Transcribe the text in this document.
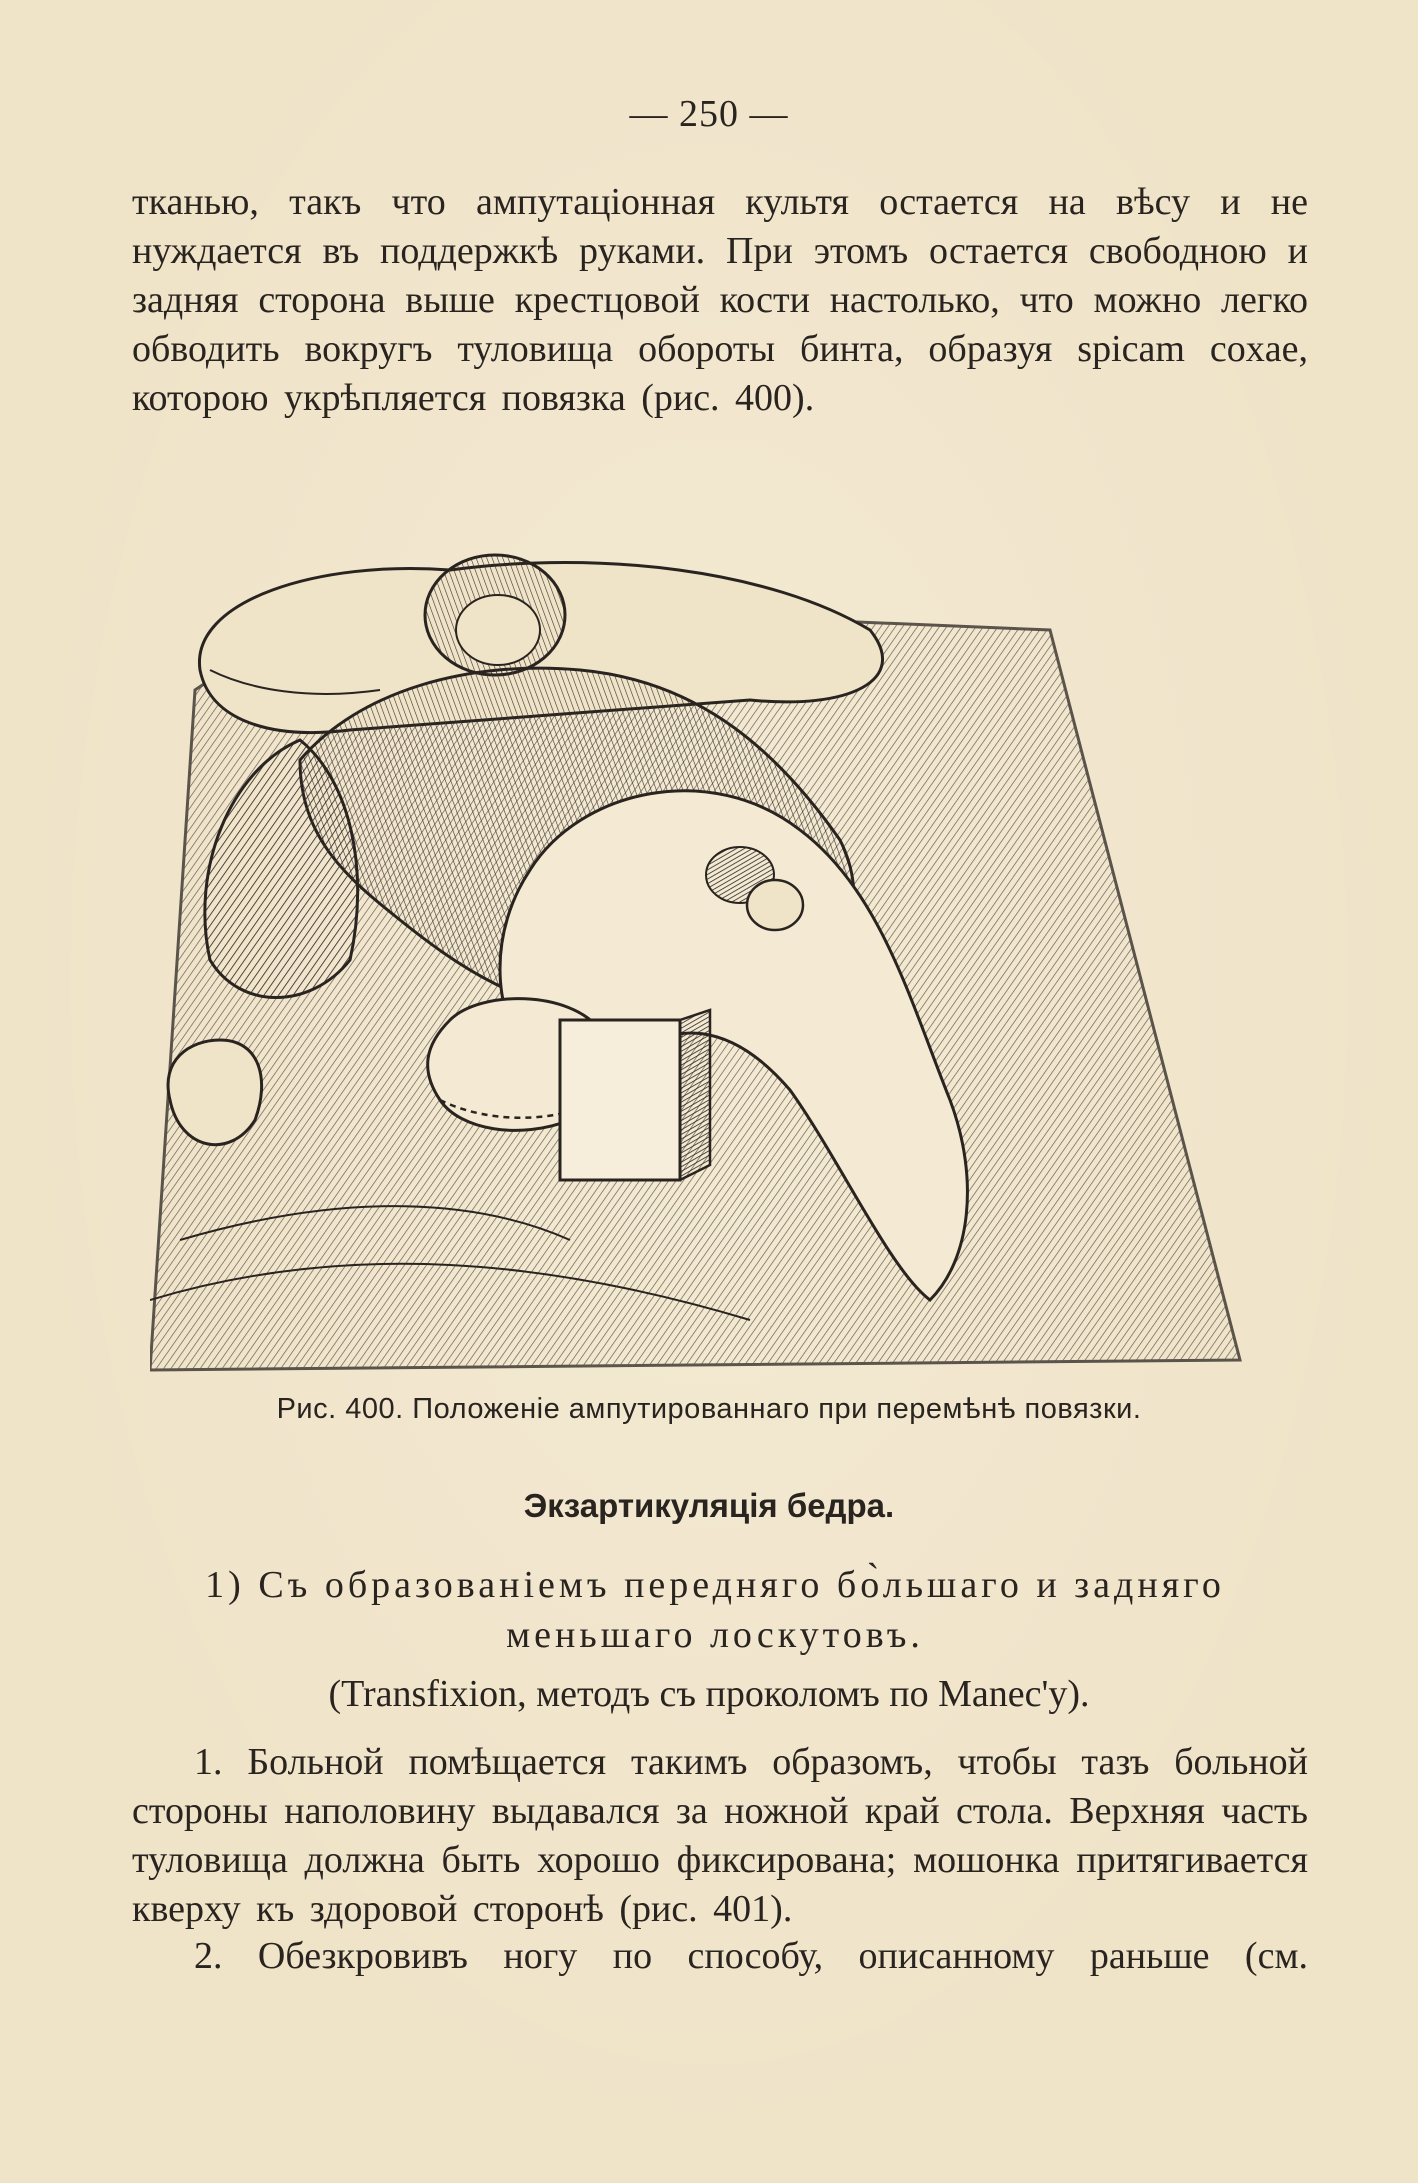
— 250 —

тканью, такъ что ампутаціонная культя остается на вѣсу и не нуждается въ поддержкѣ руками. При этомъ остается свободною и задняя сторона выше крестцовой кости настолько, что можно легко обводить вокругъ туловища обороты бинта, образуя spicam coxae, которою укрѣпляется повязка (рис. 400).

Рис. 400. Положеніе ампутированнаго при перемѣнѣ повязки.
Экзартикуляція бедра.
1) Съ образованіемъ передняго бо̀льшаго и задняго меньшаго лоскутовъ.
(Transfixion, методъ съ проколомъ по Manec'y).

1. Больной помѣщается такимъ образомъ, чтобы тазъ больной стороны наполовину выдавался за ножной край стола. Верхняя часть туловища должна быть хорошо фиксирована; мошонка притягивается кверху къ здоровой сторонѣ (рис. 401).

2. Обезкровивъ ногу по способу, описанному раньше (см.
